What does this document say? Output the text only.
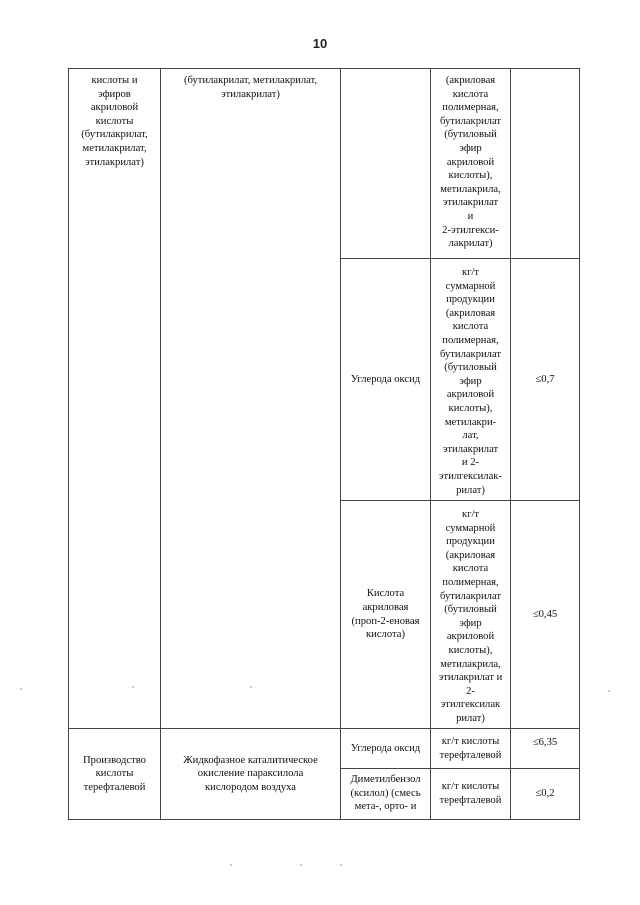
10
кислоты и
эфиров
акриловой
кислоты
(бутилакрилат,
метилакрилат,
этилакрилат)
(бутилакрилат, метилакрилат,
этилакрилат)
(акриловая
кислота
полимерная,
бутилакрилат
(бутиловый
эфир
акриловой
кислоты),
метилакрила,
этилакрилат
и
2-этилгекси-
лакрилат)
Углерода оксид
кг/т
суммарной
продукции
(акриловая
кислота
полимерная,
бутилакрилат
(бутиловый
эфир
акриловой
кислоты),
метилакри-
лат,
этилакрилат
и 2-
этилгексилак-
рилат)
≤0,7
Кислота
акриловая
(проп-2-еновая
кислота)
кг/т
суммарной
продукции
(акриловая
кислота
полимерная,
бутилакрилат
(бутиловый
эфир
акриловой
кислоты),
метилакрила,
этилакрилат и
2-
этилгексилак
рилат)
≤0,45
Производство
кислоты
терефталевой
Жидкофазное каталитическое
окисление параксилола
кислородом воздуха
Углерода оксид
кг/т кислоты
терефталевой
≤6,35
Диметилбензол
(ксилол) (смесь
мета-, орто- и
кг/т кислоты
терефталевой
≤0,2
